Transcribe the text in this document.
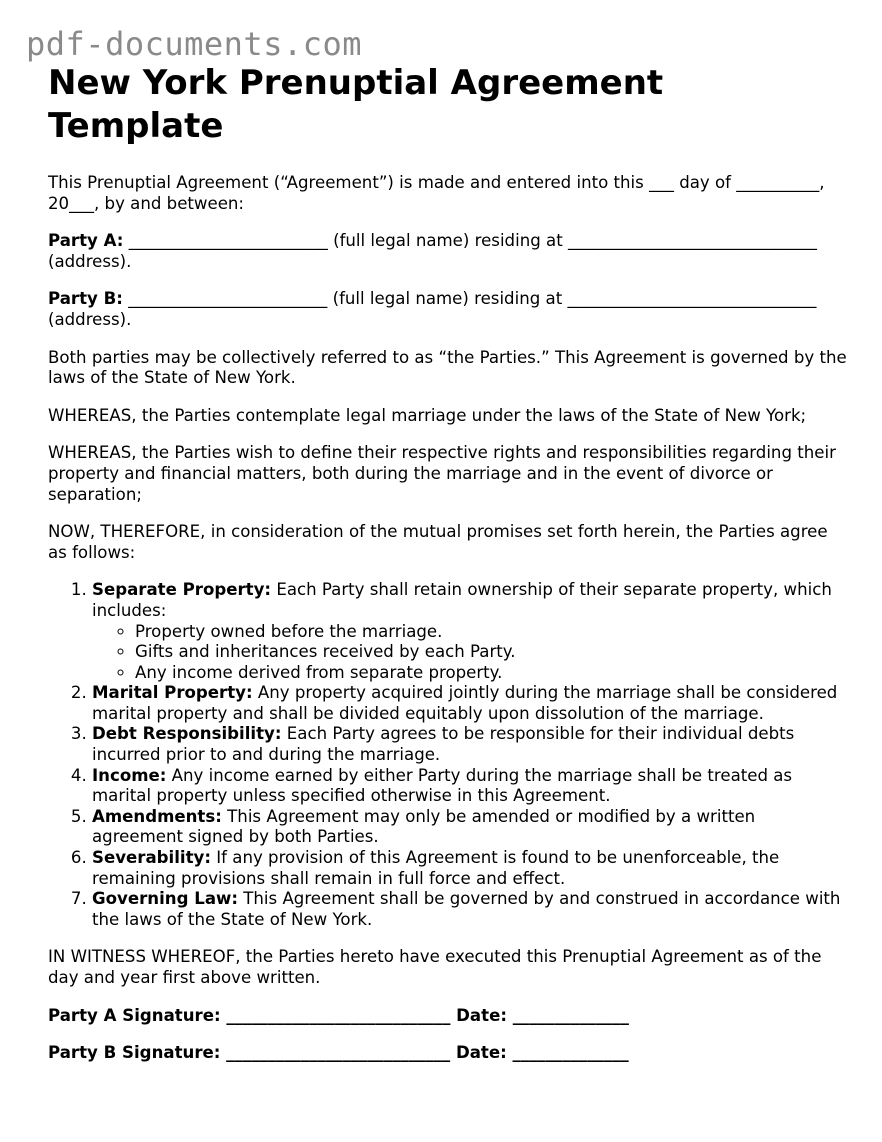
pdf-documents.com
New York Prenuptial Agreement Template

This Prenuptial Agreement (“Agreement”) is made and entered into this ___ day of __________, 20___, by and between:

Party A: ________________________ (full legal name) residing at ______________________________ (address).

Party B: ________________________ (full legal name) residing at ______________________________ (address).

Both parties may be collectively referred to as “the Parties.” This Agreement is governed by the laws of the State of New York.

WHEREAS, the Parties contemplate legal marriage under the laws of the State of New York;

WHEREAS, the Parties wish to define their respective rights and responsibilities regarding their property and financial matters, both during the marriage and in the event of divorce or separation;

NOW, THEREFORE, in consideration of the mutual promises set forth herein, the Parties agree as follows:

1. Separate Property: Each Party shall retain ownership of their separate property, which includes:
◦ Property owned before the marriage.
◦ Gifts and inheritances received by each Party.
◦ Any income derived from separate property.
2. Marital Property: Any property acquired jointly during the marriage shall be considered marital property and shall be divided equitably upon dissolution of the marriage.
3. Debt Responsibility: Each Party agrees to be responsible for their individual debts incurred prior to and during the marriage.
4. Income: Any income earned by either Party during the marriage shall be treated as marital property unless specified otherwise in this Agreement.
5. Amendments: This Agreement may only be amended or modified by a written agreement signed by both Parties.
6. Severability: If any provision of this Agreement is found to be unenforceable, the remaining provisions shall remain in full force and effect.
7. Governing Law: This Agreement shall be governed by and construed in accordance with the laws of the State of New York.

IN WITNESS WHEREOF, the Parties hereto have executed this Prenuptial Agreement as of the day and year first above written.

Party A Signature: ___________________________ Date: ______________

Party B Signature: ___________________________ Date: ______________
